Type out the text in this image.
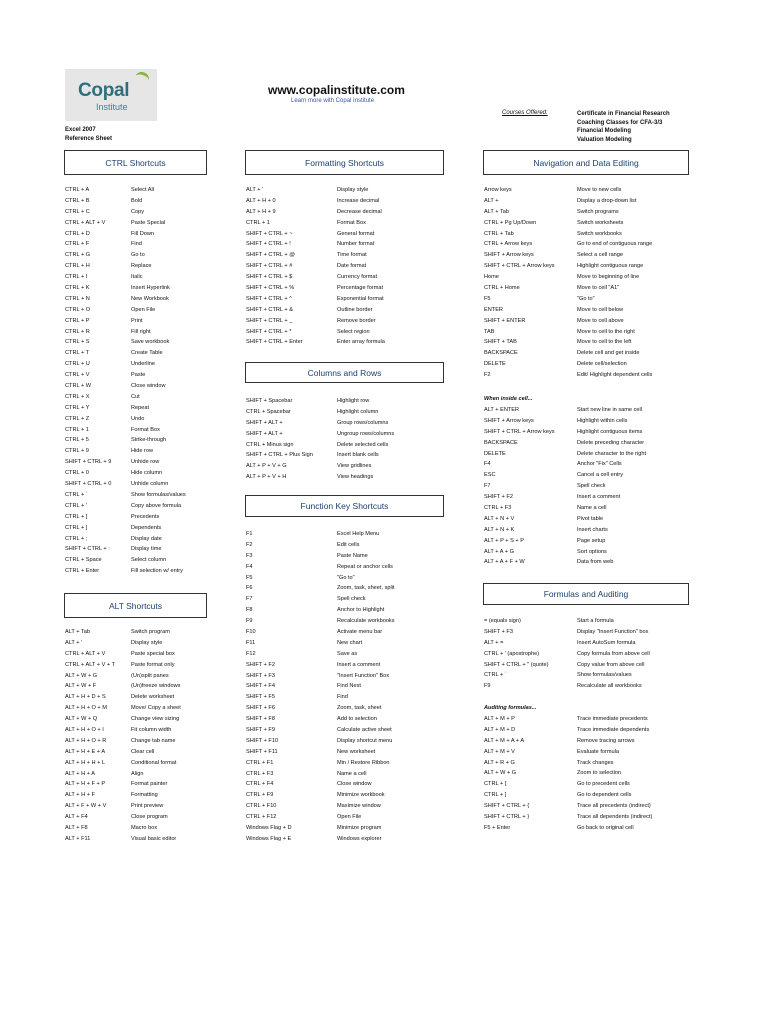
Copal
Institute
www.copalinstitute.com
Learn more with Copal Institute
Excel 2007
Reference Sheet
Courses Offered:	Certificate in Financial Research
Coaching Classes for CFA-3/3
Financial Modeling
Valuation Modeling
CTRL Shortcuts	Formatting Shortcuts	Navigation and Data Editing
Columns and Rows
Function Key Shortcuts
ALT Shortcuts
Formulas and Auditing
CTRL + A	Select All
CTRL + B	Bold
CTRL + C	Copy
CTRL + ALT + V	Paste Special
CTRL + D	Fill Down
CTRL + F	Find
CTRL + G	Go to
CTRL + H	Replace
CTRL + I	Italic
CTRL + K	Insert Hyperlink
CTRL + N	New Workbook
CTRL + O	Open File
CTRL + P	Print
CTRL + R	Fill right
CTRL + S	Save workbook
CTRL + T	Create Table
CTRL + U	Underline
CTRL + V	Paste
CTRL + W	Close window
CTRL + X	Cut
CTRL + Y	Repeat
CTRL + Z	Undo
CTRL + 1	Format Box
CTRL + 5	Strike-through
CTRL + 9	Hide row
SHIFT + CTRL + 9	Unhide row
CTRL + 0	Hide column
SHIFT + CTRL + 0	Unhide column
CTRL + `	Show formulas/values
CTRL + '	Copy above formula
CTRL + [	Precedents
CTRL + ]	Dependents
CTRL + ;	Display date
SHIFT + CTRL + :	Display time
CTRL + Space	Select column
CTRL + Enter	Fill selection w/ entry
ALT + Tab	Switch program
ALT + '	Display style
CTRL + ALT + V	Paste special box
CTRL + ALT + V + T	Paste format only
ALT + W + G	(Un)split panes
ALT + W + F	(Un)freeze windows
ALT + H + D + S	Delete worksheet
ALT + H + O + M	Move/ Copy a sheet
ALT + W + Q	Change view sizing
ALT + H + O + I	Fit column width
ALT + H + O + R	Change tab name
ALT + H + E + A	Clear cell
ALT + H + H + L	Conditional format
ALT + H + A	Align
ALT + H + F + P	Format painter
ALT + H + F	Formatting
ALT + F + W + V	Print preview
ALT + F4	Close program
ALT + F8	Macro box
ALT + F11	Visual basic editor
ALT + '	Display style
ALT + H + 0	Increase decimal
ALT + H + 9	Decrease decimal
CTRL + 1	Format Box
SHIFT + CTRL + ~	General format
SHIFT + CTRL + !	Number format
SHIFT + CTRL + @	Time format
SHIFT + CTRL + #	Date format
SHIFT + CTRL + $	Currency format
SHIFT + CTRL + %	Percentage format
SHIFT + CTRL + ^	Exponential format
SHIFT + CTRL + &	Outline border
SHIFT + CTRL + _	Remove border
SHIFT + CTRL + *	Select region
SHIFT + CTRL + Enter	Enter array formula
SHIFT + Spacebar	Highlight row
CTRL + Spacebar	Highlight column
SHIFT + ALT +	Group rows/columns
SHIFT + ALT +	Ungroup rows/columns
CTRL + Minus sign	Delete selected cells
SHIFT + CTRL + Plus Sign	Insert blank cells
ALT + P + V + G	View gridlines
ALT + P + V + H	View headings
F1	Excel Help Menu
F2	Edit cells
F3	Paste Name
F4	Repeat or anchor cells
F5	"Go to"
F6	Zoom, task, sheet, split
F7	Spell check
F8	Anchor to Highlight
F9	Recalculate workbooks
F10	Activate menu bar
F11	New chart
F12	Save as
SHIFT + F2	Insert a comment
SHIFT + F3	"Insert Function" Box
SHIFT + F4	Find Next
SHIFT + F5	Find
SHIFT + F6	Zoom, task, sheet
SHIFT + F8	Add to selection
SHIFT + F9	Calculate active sheet
SHIFT + F10	Display shortcut menu
SHIFT + F11	New worksheet
CTRL + F1	Min / Restore Ribbon
CTRL + F3	Name a cell
CTRL + F4	Close window
CTRL + F9	Minimize workbook
CTRL + F10	Maximize window
CTRL + F12	Open File
Windows Flag + D	Minimize program
Windows Flag + E	Windows explorer
Arrow keys	Move to new cells
ALT +	Display a drop-down list
ALT + Tab	Switch programs
CTRL + Pg Up/Down	Switch worksheets
CTRL + Tab	Switch workbooks
CTRL + Arrow keys	Go to end of contiguous range
SHIFT + Arrow keys	Select a cell range
SHIFT + CTRL + Arrow keys	Highlight contiguous range
Home	Move to beginning of line
CTRL + Home	Move to cell "A1"
F5	"Go to"
ENTER	Move to cell below
SHIFT + ENTER	Move to cell above
TAB	Move to cell to the right
SHIFT + TAB	Move to cell to the left
BACKSPACE	Delete cell and get inside
DELETE	Delete cell/selection
F2	Edit/ Highlight dependent cells
When inside cell...
ALT + ENTER	Start new line in same cell
SHIFT + Arrow keys	Highlight within cells
SHIFT + CTRL + Arrow keys	Highlight contiguous items
BACKSPACE	Delete preceding character
DELETE	Delete character to the right
F4	Anchor "Fix" Cells
ESC	Cancel a cell entry
F7	Spell check
SHIFT + F2	Insert a comment
CTRL + F3	Name a cell
ALT + N + V	Pivot table
ALT + N + K	Insert charts
ALT + P + S + P	Page setup
ALT + A + G	Sort options
ALT + A + F + W	Data from web
= (equals sign)	Start a formula
SHIFT + F3	Display "Insert Function" box
ALT + =	Insert AutoSum formula
CTRL + ' (apostrophe)	Copy formula from above cell
SHIFT + CTRL + " (quote)	Copy value from above cell
CTRL + `	Show formulas/values
F9	Recalculate all workbooks
Auditing formulas...
ALT + M + P	Trace immediate precedents
ALT + M + D	Trace immediate dependents
ALT + M + A + A	Remove tracing arrows
ALT + M + V	Evaluate formula
ALT + R + G	Track changes
ALT + W + G	Zoom to selection
CTRL + [	Go to precedent cells
CTRL + ]	Go to dependent cells
SHIFT + CTRL + {	Trace all precedents (indirect)
SHIFT + CTRL + }	Trace all dependents (indirect)
F5 + Enter	Go back to original cell
